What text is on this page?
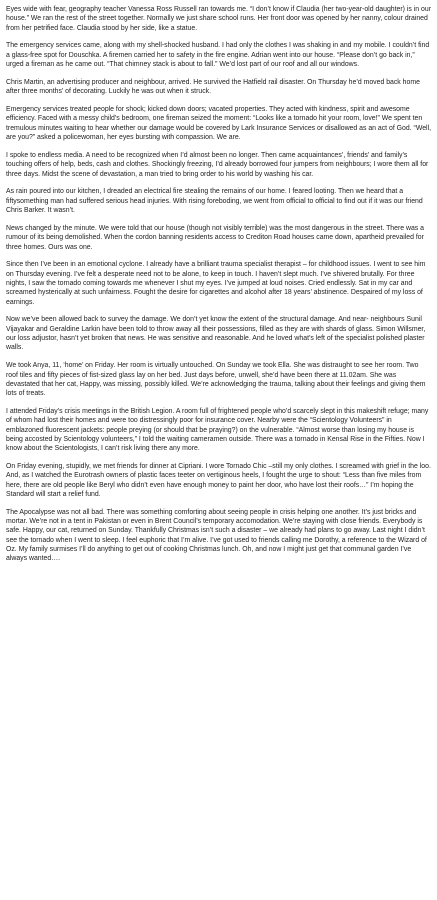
Eyes wide with fear, geography teacher Vanessa Ross Russell ran towards me. “I don’t know if Claudia (her two-year-old daughter) is in our house.” We ran the rest of the street together. Normally we just share school runs. Her front door was opened by her nanny, colour drained from her petrified face. Claudia stood by her side, like a statue.

The emergency services came, along with my shell-shocked husband. I had only the clothes I was shaking in and my mobile. I couldn’t find a glass-free spot for Douschka. A firemen carried her to safety in the fire engine. Adrian went into our house. “Please don’t go back in,” urged a fireman as he came out. “That chimney stack is about to fall.” We’d lost part of our roof and all our windows.

Chris Martin, an advertising producer and neighbour, arrived. He survived the Hatfield rail disaster. On Thursday he’d moved back home after three months’ of decorating. Luckily he was out when it struck.

Emergency services treated people for shock; kicked down doors; vacated properties. They acted with kindness, spirit and awesome efficiency. Faced with a messy child’s bedroom, one fireman seized the moment: “Looks like a tornado hit your room, love!” We spent ten tremulous minutes waiting to hear whether our damage would be covered by Lark Insurance Services or disallowed as an act of God. “Well, are you?” asked a policewoman, her eyes bursting with compassion. We are.

I spoke to endless media. A need to be recognized when I’d almost been no longer. Then came acquaintances’, friends’ and family’s touching offers of help, beds, cash and clothes. Shockingly freezing, I’d already borrowed four jumpers from neighbours; I wore them all for three days. Midst the scene of devastation, a man tried to bring order to his world by washing his car.

As rain poured into our kitchen, I dreaded an electrical fire stealing the remains of our home. I feared looting. Then we heard that a fiftysomething man had suffered serious head injuries. With rising foreboding, we went from official to official to find out if it was our friend Chris Barker. It wasn’t.

News changed by the minute. We were told that our house (though not visibly terrible) was the most dangerous in the street. There was a rumour of its being demolished. When the cordon banning residents access to Crediton Road houses came down, apartheid prevailed for three homes. Ours was one.

Since then I’ve been in an emotional cyclone. I already have a brilliant trauma specialist therapist – for childhood issues. I went to see him on Thursday evening. I’ve felt a desperate need not to be alone, to keep in touch. I haven’t slept much. I’ve shivered brutally. For three nights, I saw the tornado coming towards me whenever I shut my eyes. I’ve jumped at loud noises. Cried endlessly. Sat in my car and screamed hysterically at such unfairness. Fought the desire for cigarettes and alcohol after 18 years’ abstinence. Despaired of my loss of earnings.

Now we’ve been allowed back to survey the damage. We don’t yet know the extent of the structural damage. And near- neighbours Sunil Vijayakar and Geraldine Larkin have been told to throw away all their possessions, filled as they are with shards of glass. Simon Willsmer, our loss adjustor, hasn’t yet broken that news. He was sensitive and reasonable. And he loved what’s left of the specialist polished plaster walls.

We took Anya, 11, ‘home’ on Friday. Her room is virtually untouched. On Sunday we took Ella. She was distraught to see her room. Two roof tiles and fifty pieces of fist-sized glass lay on her bed. Just days before, unwell, she’d have been there at 11.02am. She was devastated that her cat, Happy, was missing, possibly killed. We’re acknowledging the trauma, talking about their feelings and giving them lots of treats.

I attended Friday’s crisis meetings in the British Legion. A room full of frightened people who’d scarcely slept in this makeshift refuge; many of whom had lost their homes and were too distressingly poor for insurance cover. Nearby were the “Scientology Volunteers” in emblazoned fluorescent jackets: people preying (or should that be praying?) on the vulnerable. “Almost worse than losing my house is being accosted by Scientology volunteers,” I told the waiting cameramen outside. There was a tornado in Kensal Rise in the Fifties. Now I know about the Scientologists, I can’t risk living there any more.

On Friday evening, stupidly, we met friends for dinner at Cipriani. I wore Tornado Chic –still my only clothes. I screamed with grief in the loo. And, as I watched the Eurotrash owners of plastic faces teeter on vertiginous heels, I fought the urge to shout: “Less than five miles from here, there are old people like Beryl who didn’t even have enough money to paint her door, who have lost their roofs…” I’m hoping the Standard will start a relief fund.

The Apocalypse was not all bad. There was something comforting about seeing people in crisis helping one another. It’s just bricks and mortar. We’re not in a tent in Pakistan or even in Brent Council’s temporary accomodation. We’re staying with close friends. Everybody is safe. Happy, our cat, returned on Sunday. Thankfully Christmas isn’t such a disaster – we already had plans to go away. Last night I didn’t see the tornado when I went to sleep. I feel euphoric that I’m alive. I’ve got used to friends calling me Dorothy, a reference to the Wizard of Oz. My family surmises I’ll do anything to get out of cooking Christmas lunch. Oh, and now I might just get that communal garden I’ve always wanted….
